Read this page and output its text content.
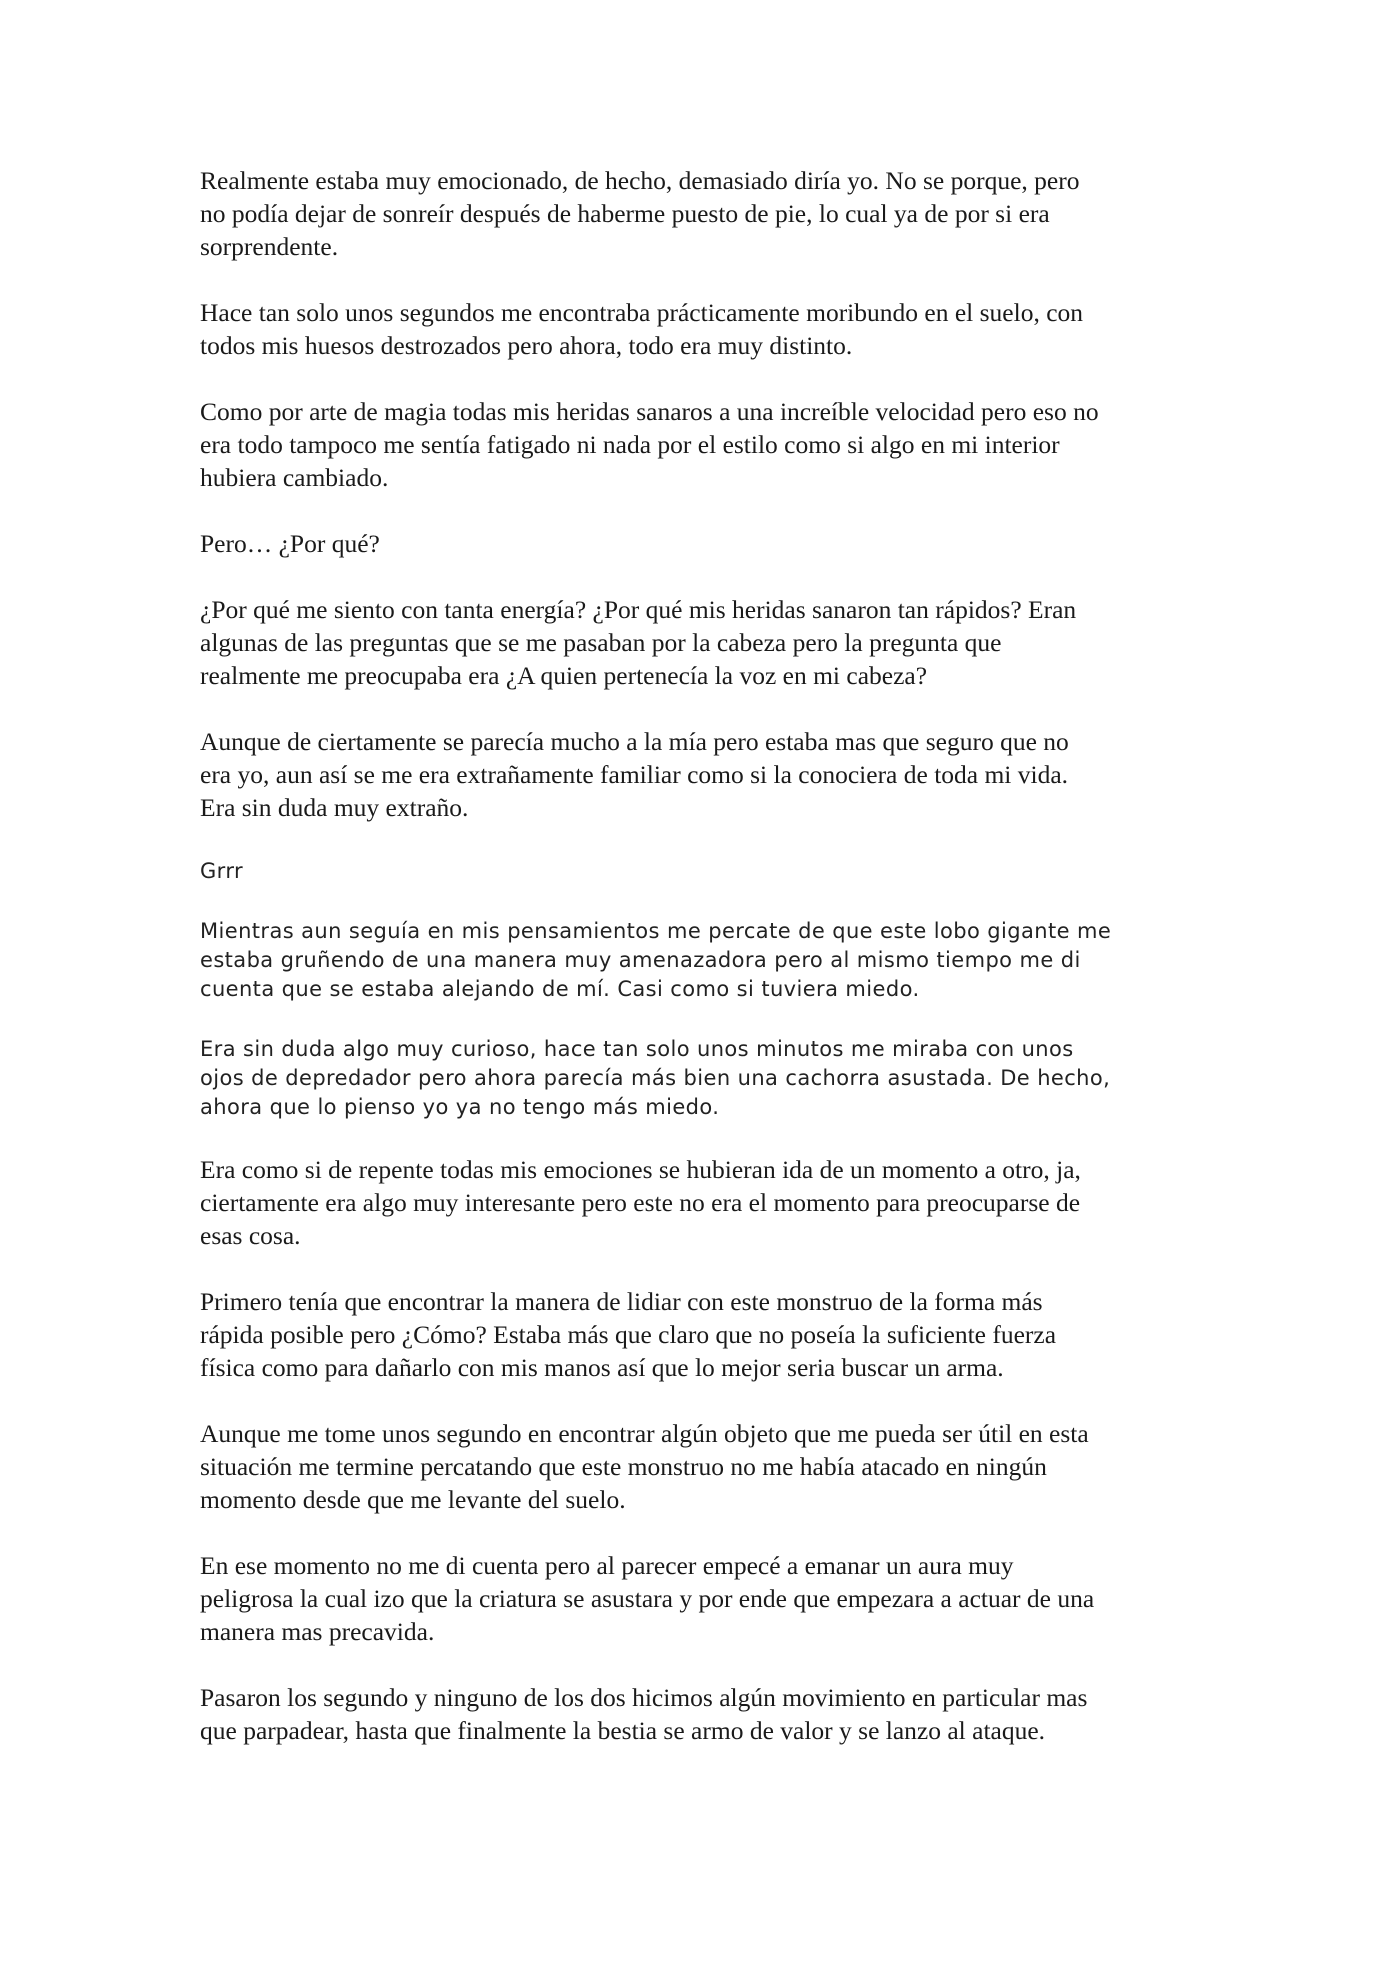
Realmente estaba muy emocionado, de hecho, demasiado diría yo. No se porque, pero
no podía dejar de sonreír después de haberme puesto de pie, lo cual ya de por si era
sorprendente.

Hace tan solo unos segundos me encontraba prácticamente moribundo en el suelo, con
todos mis huesos destrozados pero ahora, todo era muy distinto.

Como por arte de magia todas mis heridas sanaros a una increíble velocidad pero eso no
era todo tampoco me sentía fatigado ni nada por el estilo como si algo en mi interior
hubiera cambiado.

Pero… ¿Por qué?

¿Por qué me siento con tanta energía? ¿Por qué mis heridas sanaron tan rápidos? Eran
algunas de las preguntas que se me pasaban por la cabeza pero la pregunta que
realmente me preocupaba era ¿A quien pertenecía la voz en mi cabeza?

Aunque de ciertamente se parecía mucho a la mía pero estaba mas que seguro que no
era yo, aun así se me era extrañamente familiar como si la conociera de toda mi vida.
Era sin duda muy extraño.

Grrr

Mientras aun seguía en mis pensamientos me percate de que este lobo gigante me
estaba gruñendo de una manera muy amenazadora pero al mismo tiempo me di
cuenta que se estaba alejando de mí. Casi como si tuviera miedo.

Era sin duda algo muy curioso, hace tan solo unos minutos me miraba con unos
ojos de depredador pero ahora parecía más bien una cachorra asustada. De hecho,
ahora que lo pienso yo ya no tengo más miedo.

Era como si de repente todas mis emociones se hubieran ida de un momento a otro, ja,
ciertamente era algo muy interesante pero este no era el momento para preocuparse de
esas cosa.

Primero tenía que encontrar la manera de lidiar con este monstruo de la forma más
rápida posible pero ¿Cómo? Estaba más que claro que no poseía la suficiente fuerza
física como para dañarlo con mis manos así que lo mejor seria buscar un arma.

Aunque me tome unos segundo en encontrar algún objeto que me pueda ser útil en esta
situación me termine percatando que este monstruo no me había atacado en ningún
momento desde que me levante del suelo.

En ese momento no me di cuenta pero al parecer empecé a emanar un aura muy
peligrosa la cual izo que la criatura se asustara y por ende que empezara a actuar de una
manera mas precavida.

Pasaron los segundo y ninguno de los dos hicimos algún movimiento en particular mas
que parpadear, hasta que finalmente la bestia se armo de valor y se lanzo al ataque.
